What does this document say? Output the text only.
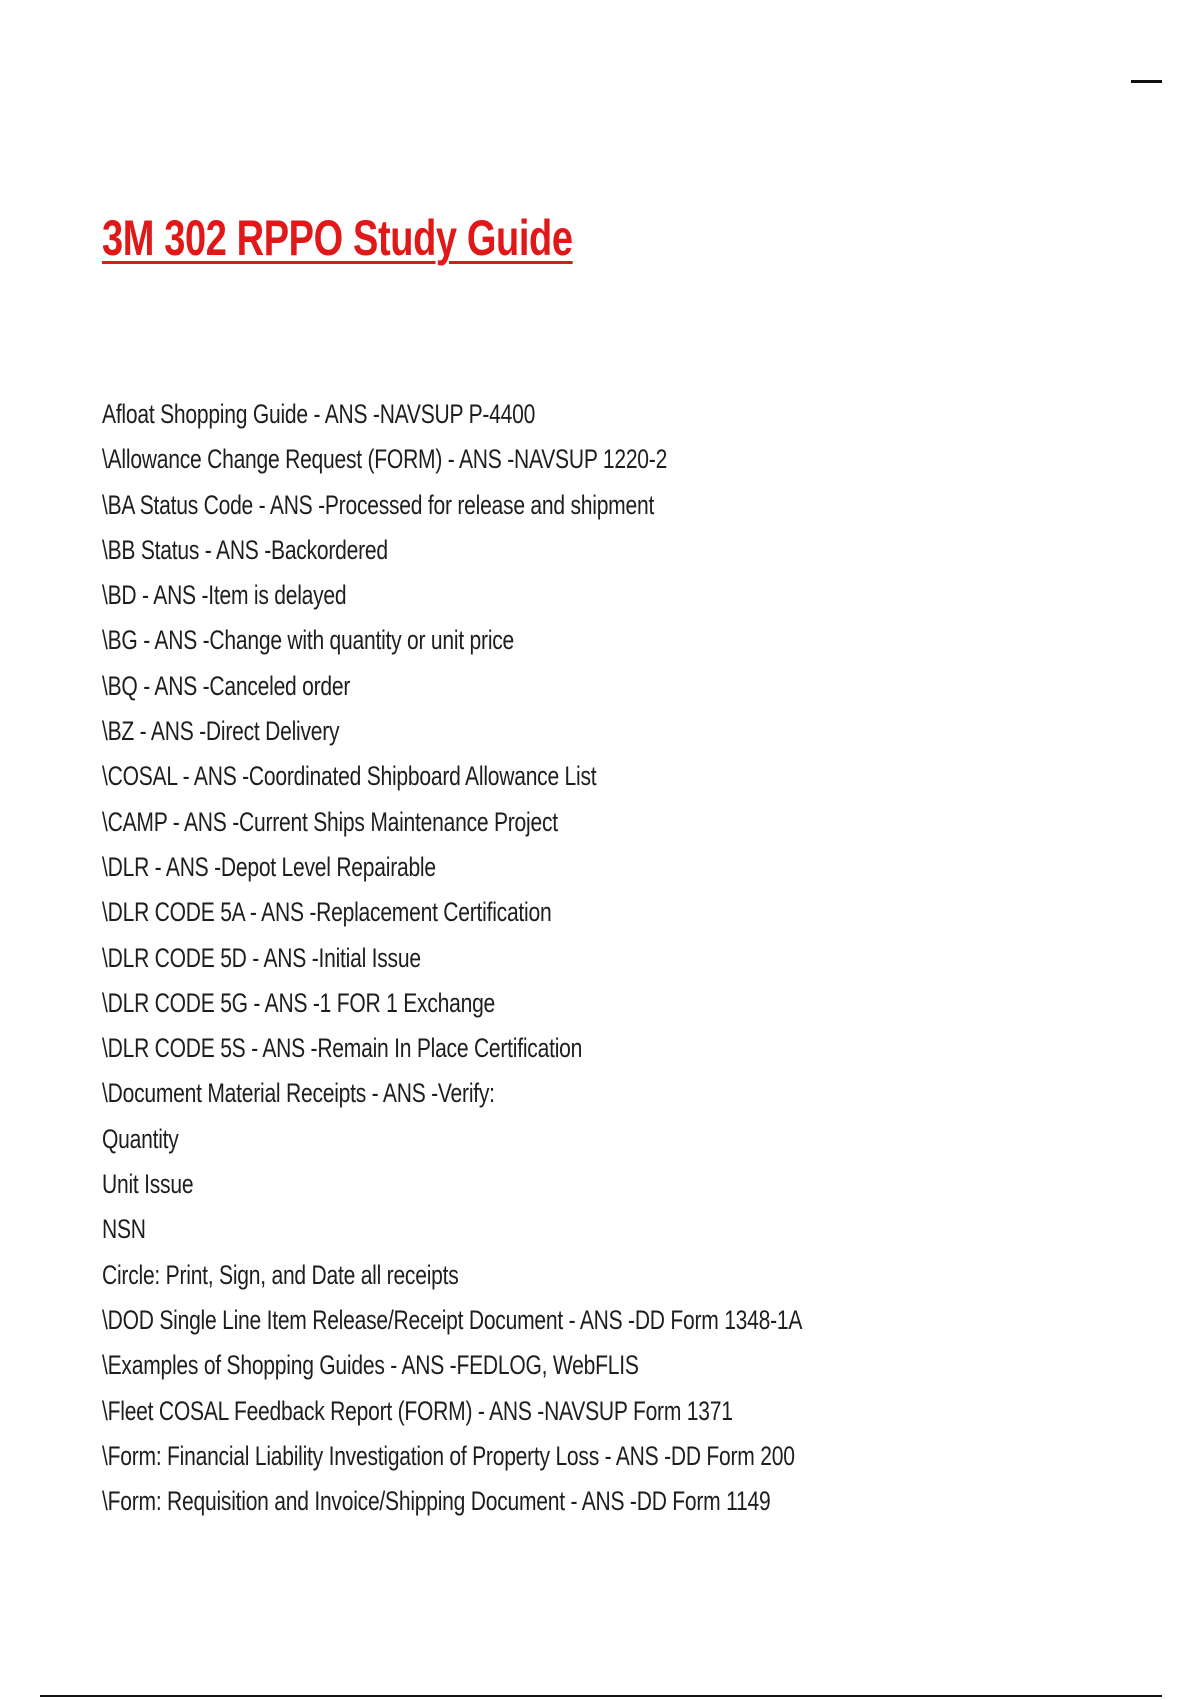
3M 302 RPPO Study Guide
Afloat Shopping Guide - ANS -NAVSUP P-4400
\Allowance Change Request (FORM) - ANS -NAVSUP 1220-2
\BA Status Code - ANS -Processed for release and shipment
\BB Status - ANS -Backordered
\BD - ANS -Item is delayed
\BG - ANS -Change with quantity or unit price
\BQ - ANS -Canceled order
\BZ - ANS -Direct Delivery
\COSAL - ANS -Coordinated Shipboard Allowance List
\CAMP - ANS -Current Ships Maintenance Project
\DLR - ANS -Depot Level Repairable
\DLR CODE 5A - ANS -Replacement Certification
\DLR CODE 5D - ANS -Initial Issue
\DLR CODE 5G - ANS -1 FOR 1 Exchange
\DLR CODE 5S - ANS -Remain In Place Certification
\Document Material Receipts - ANS -Verify:
Quantity
Unit Issue
NSN
Circle: Print, Sign, and Date all receipts
\DOD Single Line Item Release/Receipt Document - ANS -DD Form 1348-1A
\Examples of Shopping Guides - ANS -FEDLOG, WebFLIS
\Fleet COSAL Feedback Report (FORM) - ANS -NAVSUP Form 1371
\Form: Financial Liability Investigation of Property Loss - ANS -DD Form 200
\Form: Requisition and Invoice/Shipping Document - ANS -DD Form 1149
